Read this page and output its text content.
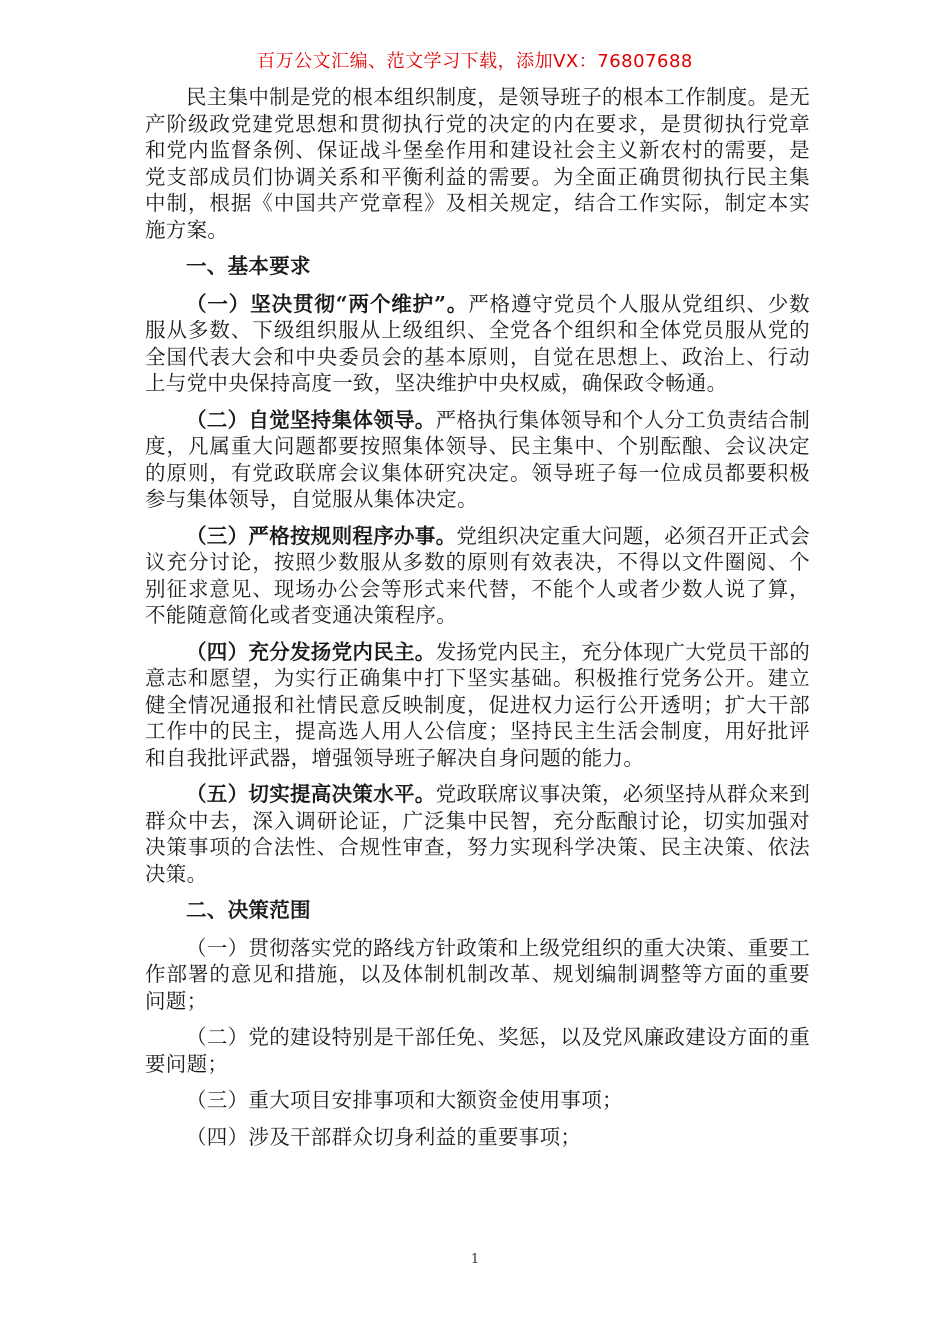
百万公文汇编、范文学习下载，添加VX：76807688

民主集中制是党的根本组织制度，是领导班子的根本工作制度。是无产阶级政党建党思想和贯彻执行党的决定的内在要求，是贯彻执行党章和党内监督条例、保证战斗堡垒作用和建设社会主义新农村的需要，是党支部成员们协调关系和平衡利益的需要。为全面正确贯彻执行民主集中制，根据《中国共产党章程》及相关规定，结合工作实际，制定本实施方案。

一、基本要求

（一）坚决贯彻“两个维护”。严格遵守党员个人服从党组织、少数服从多数、下级组织服从上级组织、全党各个组织和全体党员服从党的全国代表大会和中央委员会的基本原则，自觉在思想上、政治上、行动上与党中央保持高度一致，坚决维护中央权威，确保政令畅通。

（二）自觉坚持集体领导。严格执行集体领导和个人分工负责结合制度，凡属重大问题都要按照集体领导、民主集中、个别酝酿、会议决定的原则，有党政联席会议集体研究决定。领导班子每一位成员都要积极参与集体领导，自觉服从集体决定。

（三）严格按规则程序办事。党组织决定重大问题，必须召开正式会议充分讨论，按照少数服从多数的原则有效表决，不得以文件圈阅、个别征求意见、现场办公会等形式来代替，不能个人或者少数人说了算，不能随意简化或者变通决策程序。

（四）充分发扬党内民主。发扬党内民主，充分体现广大党员干部的意志和愿望，为实行正确集中打下坚实基础。积极推行党务公开。建立健全情况通报和社情民意反映制度，促进权力运行公开透明；扩大干部工作中的民主，提高选人用人公信度；坚持民主生活会制度，用好批评和自我批评武器，增强领导班子解决自身问题的能力。

（五）切实提高决策水平。党政联席议事决策，必须坚持从群众来到群众中去，深入调研论证，广泛集中民智，充分酝酿讨论，切实加强对决策事项的合法性、合规性审查，努力实现科学决策、民主决策、依法决策。

二、决策范围

（一）贯彻落实党的路线方针政策和上级党组织的重大决策、重要工作部署的意见和措施，以及体制机制改革、规划编制调整等方面的重要问题；

（二）党的建设特别是干部任免、奖惩，以及党风廉政建设方面的重要问题；

（三）重大项目安排事项和大额资金使用事项；

（四）涉及干部群众切身利益的重要事项；

1
